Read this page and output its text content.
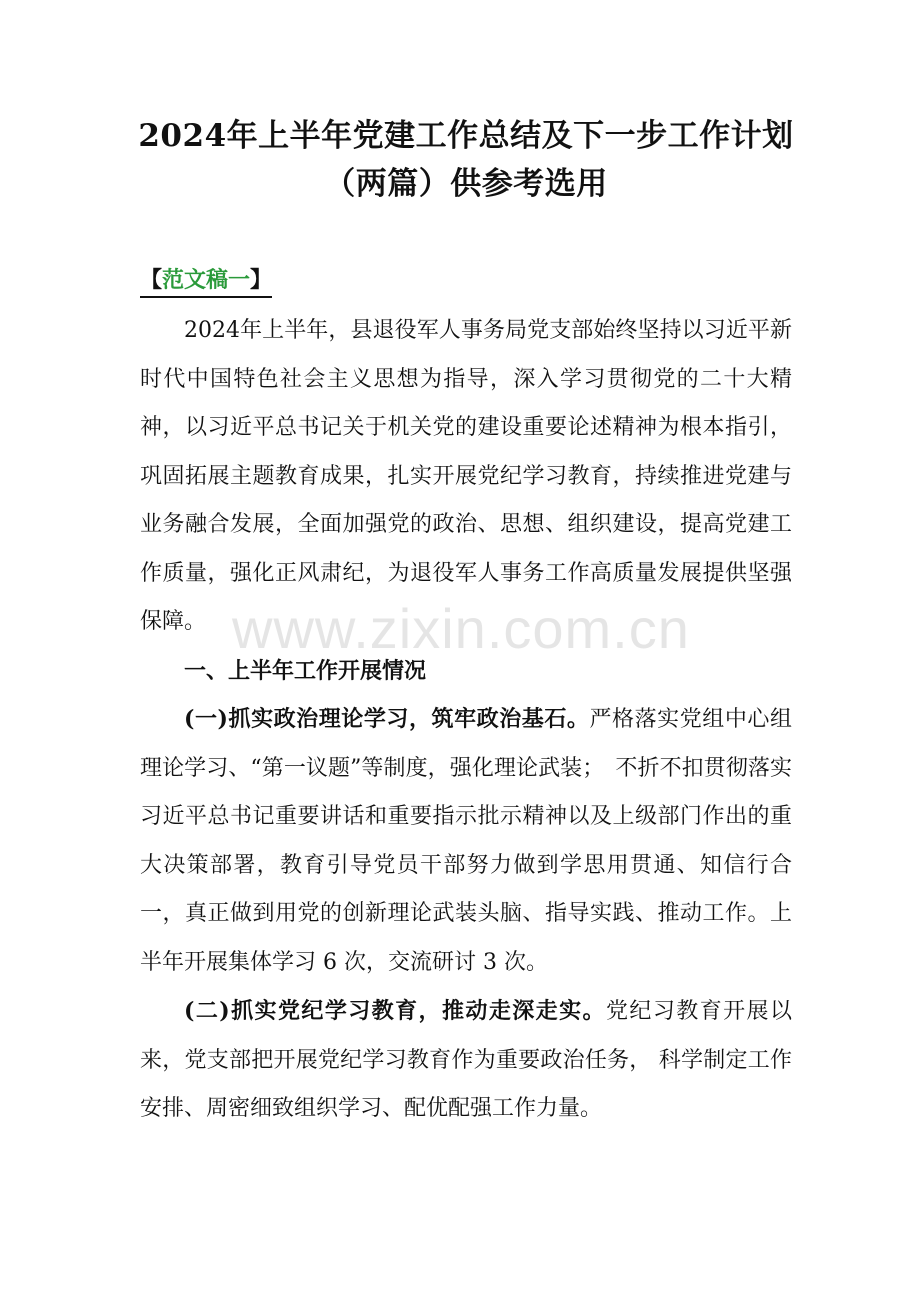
2024年上半年党建工作总结及下一步工作计划（两篇）供参考选用
【范文稿一】

2024年上半年，县退役军人事务局党支部始终坚持以习近平新时代中国特色社会主义思想为指导，深入学习贯彻党的二十大精神，以习近平总书记关于机关党的建设重要论述精神为根本指引，巩固拓展主题教育成果，扎实开展党纪学习教育，持续推进党建与业务融合发展，全面加强党的政治、思想、组织建设，提高党建工作质量，强化正风肃纪，为退役军人事务工作高质量发展提供坚强保障。

一、上半年工作开展情况

(一)抓实政治理论学习，筑牢政治基石。严格落实党组中心组理论学习、“第一议题”等制度，强化理论武装；　不折不扣贯彻落实习近平总书记重要讲话和重要指示批示精神以及上级部门作出的重大决策部署，教育引导党员干部努力做到学思用贯通、知信行合一，真正做到用党的创新理论武装头脑、指导实践、推动工作。上半年开展集体学习 6 次，交流研讨 3 次。

(二)抓实党纪学习教育，推动走深走实。党纪习教育开展以来，党支部把开展党纪学习教育作为重要政治任务， 科学制定工作安排、周密细致组织学习、配优配强工作力量。

www.zixin.com.cn
